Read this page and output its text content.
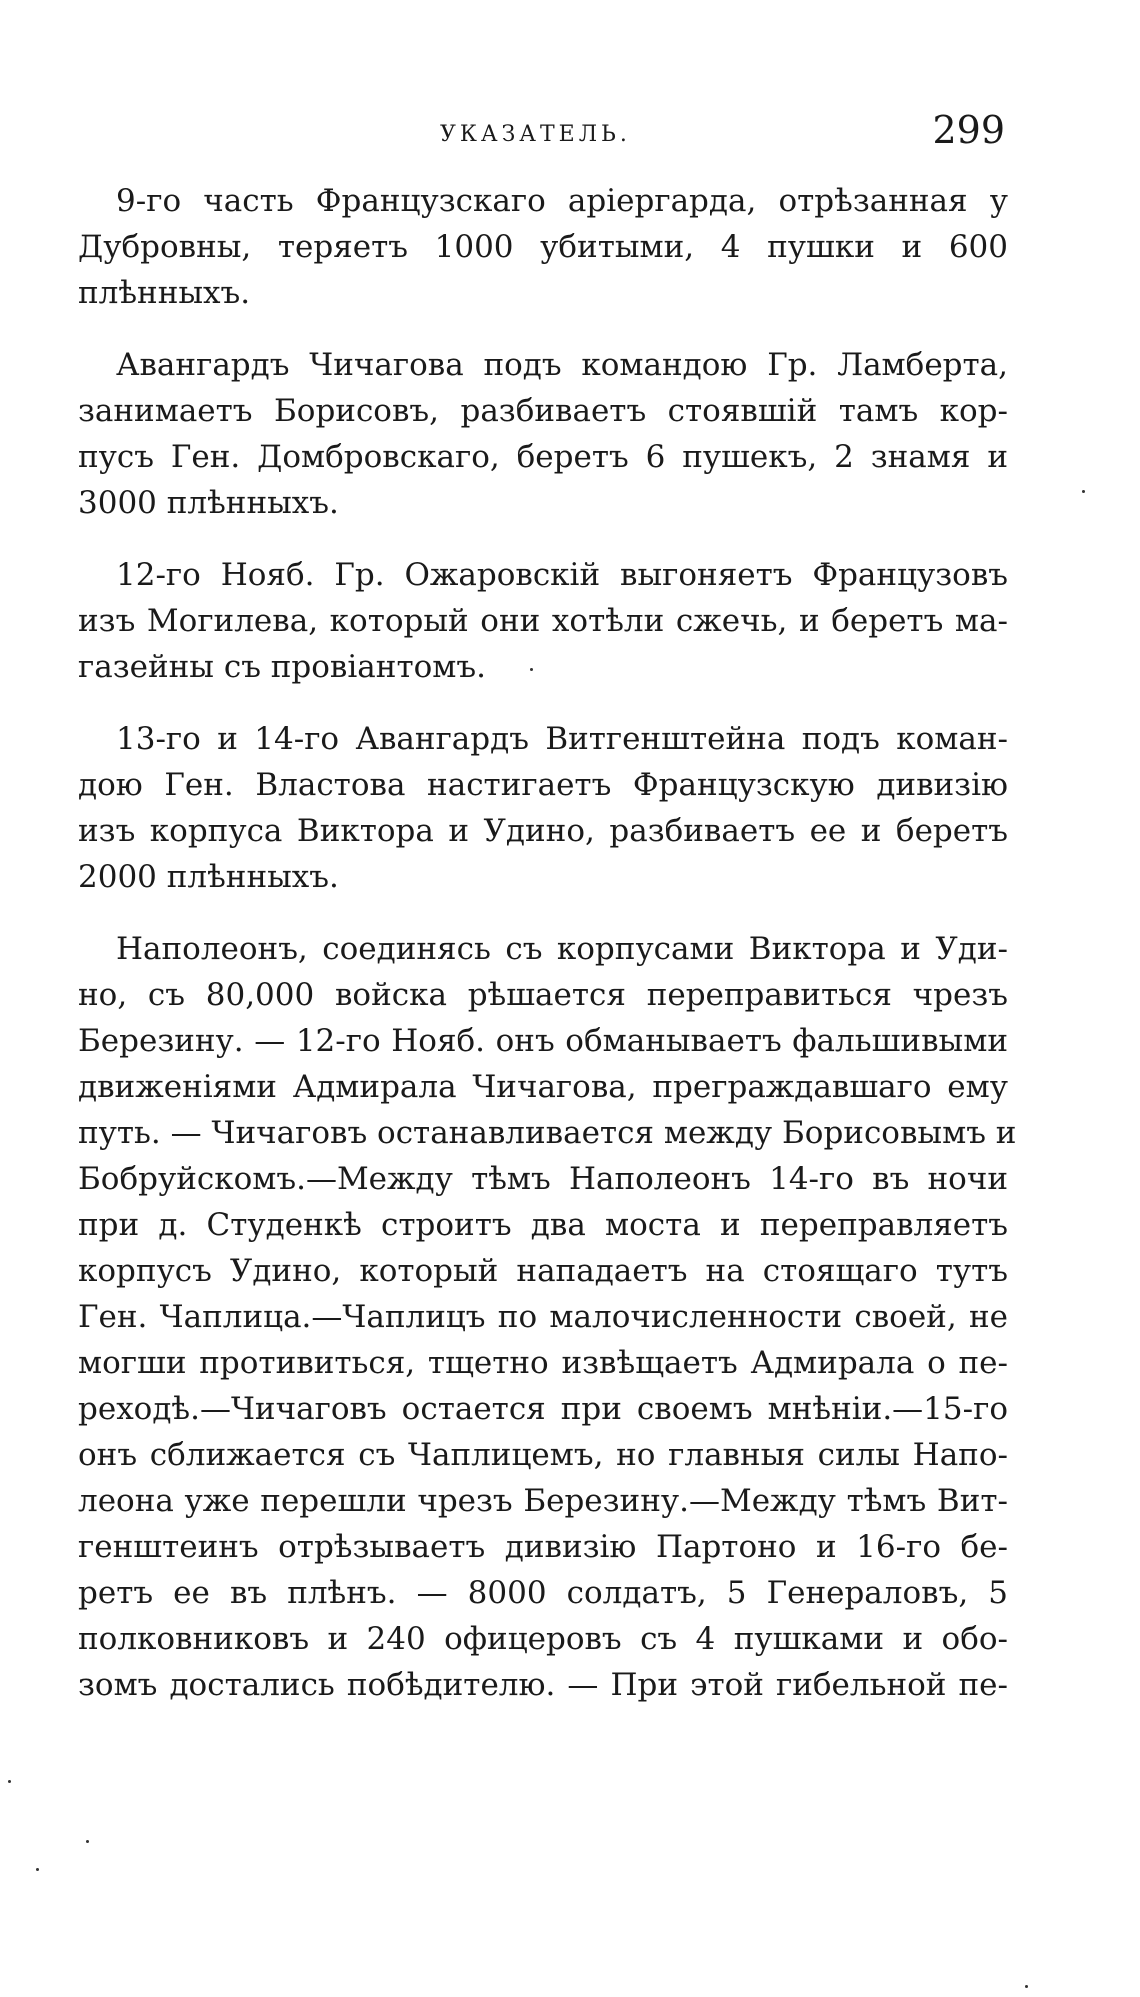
УКАЗАТЕЛЬ.	299
9-го часть Французскаго аріергарда, отрѣзанная у
Дубровны, теряетъ 1000 убитыми, 4 пушки и 600
плѣнныхъ.
Авангардъ Чичагова подъ командою Гр. Ламберта,
занимаетъ Борисовъ, разбиваетъ стоявшій тамъ кор-
пусъ Ген. Домбровскаго, беретъ 6 пушекъ, 2 знамя и
3000 плѣнныхъ.
12-го Нояб. Гр. Ожаровскій выгоняетъ Французовъ
изъ Могилева, который они хотѣли сжечь, и беретъ ма-
газейны съ провіантомъ.
13-го и 14-го Авангардъ Витгенштейна подъ коман-
дою Ген. Властова настигаетъ Французскую дивизію
изъ корпуса Виктора и Удино, разбиваетъ ее и беретъ
2000 плѣнныхъ.
Наполеонъ, соединясь съ корпусами Виктора и Уди-
но, съ 80,000 войска рѣшается переправиться чрезъ
Березину. — 12-го Нояб. онъ обманываетъ фальшивыми
движеніями Адмирала Чичагова, преграждавшаго ему
путь. — Чичаговъ останавливается между Борисовымъ и
Бобруйскомъ.—Между тѣмъ Наполеонъ 14-го въ ночи
при д. Студенкѣ строитъ два моста и переправляетъ
корпусъ Удино, который нападаетъ на стоящаго тутъ
Ген. Чаплица.—Чаплицъ по малочисленности своей, не
могши противиться, тщетно извѣщаетъ Адмирала о пе-
реходѣ.—Чичаговъ остается при своемъ мнѣніи.—15-го
онъ сближается съ Чаплицемъ, но главныя силы Напо-
леона уже перешли чрезъ Березину.—Между тѣмъ Вит-
генштеинъ отрѣзываетъ дивизію Партоно и 16-го бе-
ретъ ее въ плѣнъ. — 8000 солдатъ, 5 Генераловъ, 5
полковниковъ и 240 офицеровъ съ 4 пушками и обо-
зомъ достались побѣдителю. — При этой гибельной пе-
